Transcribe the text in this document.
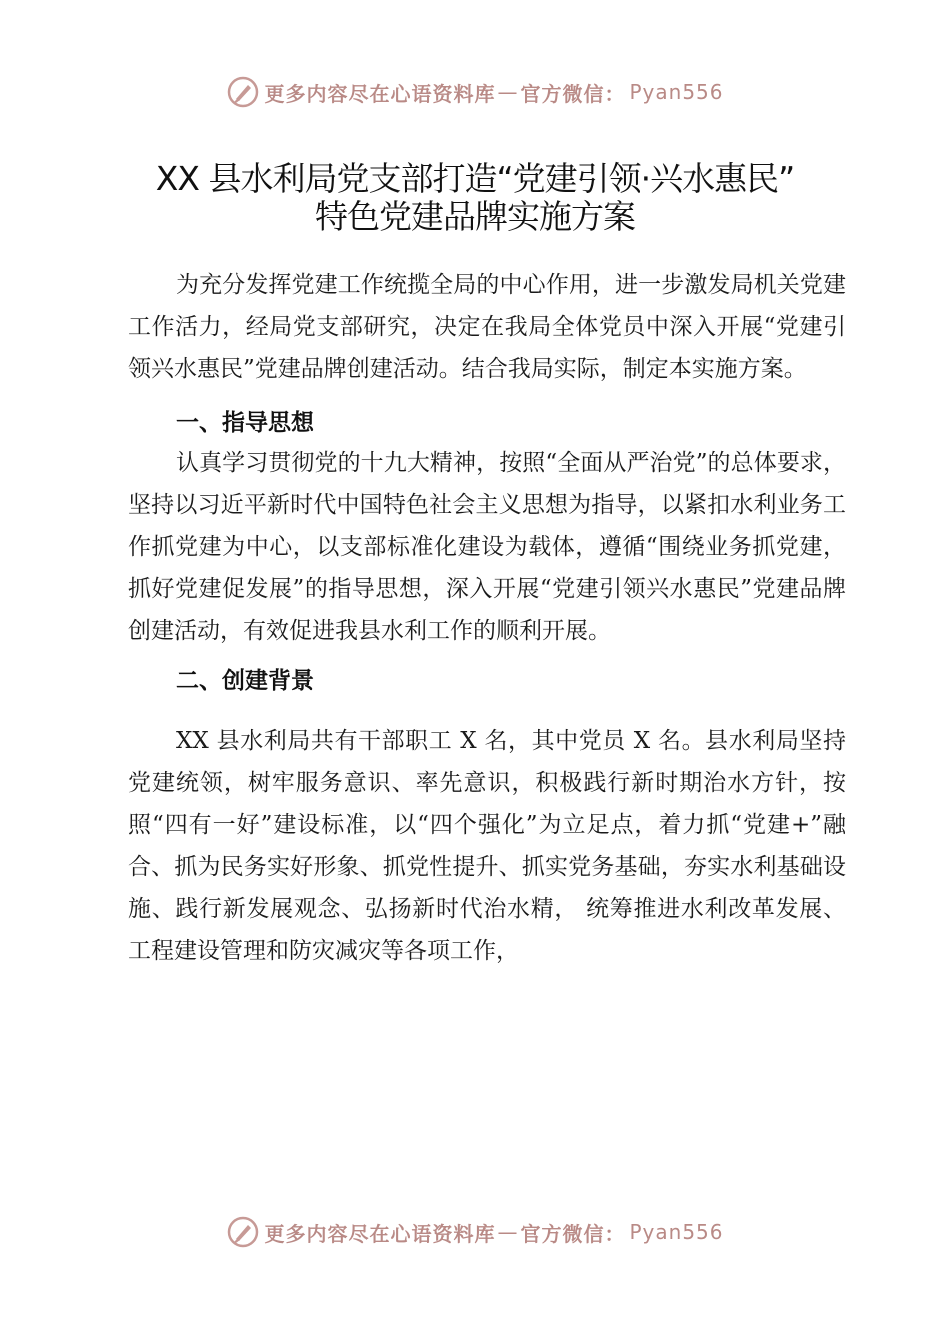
更多内容尽在心语资料库 — 官方微信： Pyan556
XX 县水利局党支部打造“党建引领·兴水惠民”
特色党建品牌实施方案

为充分发挥党建工作统揽全局的中心作用，进一步激发局机关党建工作活力，经局党支部研究，决定在我局全体党员中深入开展“党建引领兴水惠民”党建品牌创建活动。结合我局实际，制定本实施方案。

一、指导思想

认真学习贯彻党的十九大精神，按照“全面从严治党”的总体要求，坚持以习近平新时代中国特色社会主义思想为指导，以紧扣水利业务工作抓党建为中心，以支部标准化建设为载体，遵循“围绕业务抓党建，抓好党建促发展”的指导思想，深入开展“党建引领兴水惠民”党建品牌创建活动，有效促进我县水利工作的顺利开展。

二、创建背景

XX 县水利局共有干部职工 X 名，其中党员 X 名。县水利局坚持党建统领，树牢服务意识、率先意识，积极践行新时期治水方针，按照“四有一好”建设标准，以“四个强化”为立足点，着力抓“党建+”融合、抓为民务实好形象、抓党性提升、抓实党务基础，夯实水利基础设施、践行新发展观念、弘扬新时代治水精， 统筹推进水利改革发展、工程建设管理和防灾减灾等各项工作，

更多内容尽在心语资料库 — 官方微信： Pyan556
